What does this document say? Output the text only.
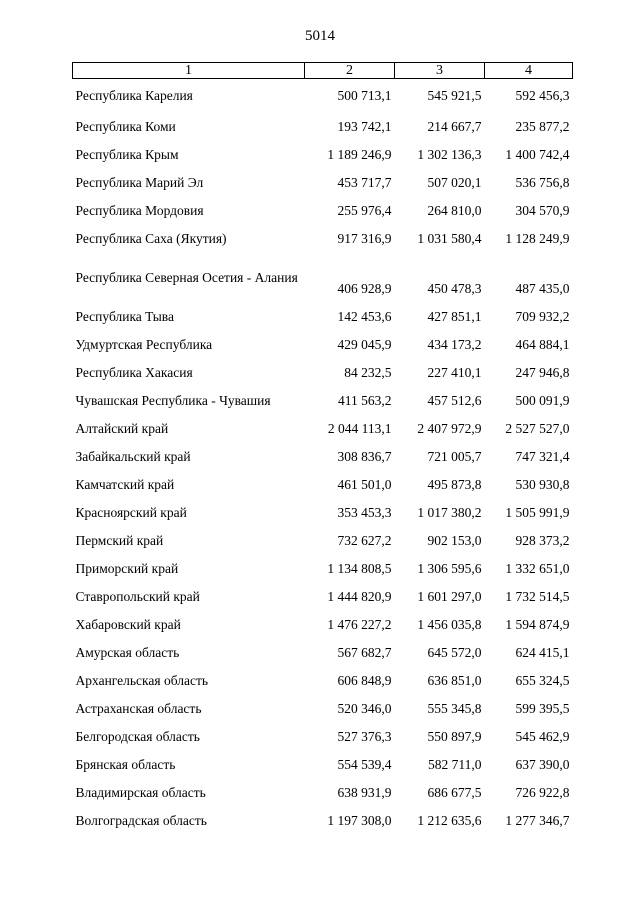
5014
1	2	3	4
Республика Карелия	500 713,1	545 921,5	592 456,3
Республика Коми	193 742,1	214 667,7	235 877,2
Республика Крым	1 189 246,9	1 302 136,3	1 400 742,4
Республика Марий Эл	453 717,7	507 020,1	536 756,8
Республика Мордовия	255 976,4	264 810,0	304 570,9
Республика Саха (Якутия)	917 316,9	1 031 580,4	1 128 249,9
Республика Северная Осетия - Алания	406 928,9	450 478,3	487 435,0
Республика Тыва	142 453,6	427 851,1	709 932,2
Удмуртская Республика	429 045,9	434 173,2	464 884,1
Республика Хакасия	84 232,5	227 410,1	247 946,8
Чувашская Республика - Чувашия	411 563,2	457 512,6	500 091,9
Алтайский край	2 044 113,1	2 407 972,9	2 527 527,0
Забайкальский край	308 836,7	721 005,7	747 321,4
Камчатский край	461 501,0	495 873,8	530 930,8
Красноярский край	353 453,3	1 017 380,2	1 505 991,9
Пермский край	732 627,2	902 153,0	928 373,2
Приморский край	1 134 808,5	1 306 595,6	1 332 651,0
Ставропольский край	1 444 820,9	1 601 297,0	1 732 514,5
Хабаровский край	1 476 227,2	1 456 035,8	1 594 874,9
Амурская область	567 682,7	645 572,0	624 415,1
Архангельская область	606 848,9	636 851,0	655 324,5
Астраханская область	520 346,0	555 345,8	599 395,5
Белгородская область	527 376,3	550 897,9	545 462,9
Брянская область	554 539,4	582 711,0	637 390,0
Владимирская область	638 931,9	686 677,5	726 922,8
Волгоградская область	1 197 308,0	1 212 635,6	1 277 346,7
